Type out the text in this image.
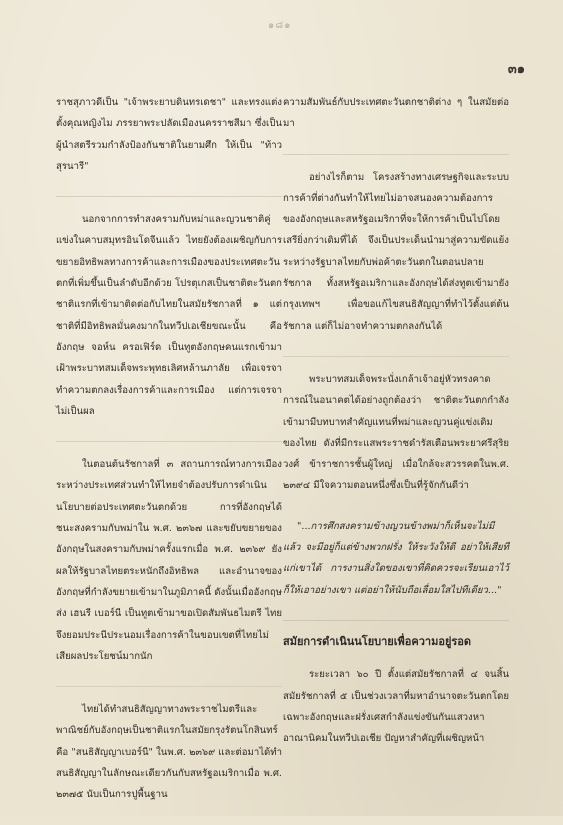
๑๘๑
๓๑

ราชสุภาวดีเป็น "เจ้าพระยาบดินทรเดชา" และทรงแต่งตั้งคุณหญิงไม ภรรยาพระปลัดเมืองนครราชสีมา ซึ่งเป็นผู้นำสตรีรวมกำลังป้องกันชาติในยามศึก ให้เป็น "ท้าวสุรนารี"

นอกจากการทำสงครามกับหม่าและญวนชาติคู่แข่งในคาบสมุทรอินโดจีนแล้ว ไทยยังต้องเผชิญกับการขยายอิทธิพลทางการค้าและการเมืองของประเทศตะวันตกที่เพิ่มขึ้นเป็นลำดับอีกด้วย โปรตุเกสเป็นชาติตะวันตกชาติแรกที่เข้ามาติดต่อกับไทยในสมัยรัชกาลที่ ๑ แต่ชาติที่มีอิทธิพลมั่นคงมากในทวีปเอเชียขณะนั้น คือ อังกฤษ จอห์น ครอเฟิร์ด เป็นทูตอังกฤษคนแรกเข้ามาเฝ้าพระบาทสมเด็จพระพุทธเลิศหล้านภาลัย เพื่อเจรจาทำความตกลงเรื่องการค้าและการเมือง แต่การเจรจาไม่เป็นผล

ในตอนต้นรัชกาลที่ ๓ สถานการณ์ทางการเมืองระหว่างประเทศส่วนทำให้ไทยจำต้องปรับการดำเนินนโยบายต่อประเทศตะวันตกด้วย การที่อังกฤษได้ชนะสงครามกับพม่าใน พ.ศ. ๒๓๖๗ และขยับขยายของอังกฤษในสงครามกับพม่าครั้งแรกเมื่อ พ.ศ. ๒๓๖๙ ยังผลให้รัฐบาลไทยตระหนักถึงอิทธิพล และอำนาจของอังกฤษที่กำลังขยายเข้ามาในภูมิภาคนี้ ดังนั้นเมื่ออังกฤษส่ง เฮนรี เบอร์นี เป็นทูตเข้ามาขอเปิดสัมพันธไมตรี ไทยจึงยอมประนีประนอมเรื่องการค้าในขอบเขตที่ไทยไม่เสียผลประโยชน์มากนัก

ไทยได้ทำสนธิสัญญาทางพระราชไมตรีและพาณิชย์กับอังกฤษเป็นชาติแรกในสมัยกรุงรัตนโกสินทร์ คือ "สนธิสัญญาเบอร์นี" ในพ.ศ. ๒๓๖๙ และต่อมาได้ทำสนธิสัญญาในลักษณะเดียวกันกับสหรัฐอเมริกาเมื่อ พ.ศ. ๒๓๗๕ นับเป็นการปูพื้นฐาน

ความสัมพันธ์กับประเทศตะวันตกชาติต่าง ๆ ในสมัยต่อมา

อย่างไรก็ตาม โครงสร้างทางเศรษฐกิจและระบบการค้าที่ต่างกันทำให้ไทยไม่อาจสนองความต้องการของอังกฤษและสหรัฐอเมริกาที่จะให้การค้าเป็นไปโดยเสรียิ่งกว่าเดิมที่ได้ จึงเป็นประเด็นนำมาสู่ความขัดแย้งระหว่างรัฐบาลไทยกับพ่อค้าตะวันตกในตอนปลายรัชกาล ทั้งสหรัฐอเมริกาและอังกฤษได้ส่งทูตเข้ามายังกรุงเทพฯ เพื่อขอแก้ไขสนธิสัญญาที่ทำไว้ตั้งแต่ต้นรัชกาล แต่ก็ไม่อาจทำความตกลงกันได้

พระบาทสมเด็จพระนั่งเกล้าเจ้าอยู่หัวทรงคาดการณ์ในอนาคตได้อย่างถูกต้องว่า ชาติตะวันตกกำลังเข้ามามีบทบาทสำคัญแทนที่พม่าและญวนคู่แข่งเดิมของไทย ดังที่มีกระแสพระราชดำรัสเตือนพระยาศรีสุริยวงศ์ ข้าราชการชั้นผู้ใหญ่ เมื่อใกล้จะสวรรคตในพ.ศ. ๒๓๙๔ มีใจความตอนหนึ่งซึ่งเป็นที่รู้จักกันดีว่า

"...การศึกสงครามข้างญวนข้างพม่าก็เห็นจะไม่มีแล้ว จะมีอยู่ก็แต่ข้างพวกฝรั่ง ให้ระวังให้ดี อย่าให้เสียทีแก่เขาได้ การงานสิ่งใดของเขาที่คิดควรจะเรียนเอาไว้ ก็ให้เอาอย่างเขา แต่อย่าให้นับถือเลื่อมใสไปทีเดียว..."

สมัยการดำเนินนโยบายเพื่อความอยู่รอด

ระยะเวลา ๖๐ ปี ตั้งแต่สมัยรัชกาลที่ ๔ จนสิ้นสมัยรัชกาลที่ ๕ เป็นช่วงเวลาที่มหาอำนาจตะวันตกโดยเฉพาะอังกฤษและฝรั่งเศสกำลังแข่งขันกันแสวงหาอาณานิคมในทวีปเอเชีย ปัญหาสำคัญที่เผชิญหน้า
